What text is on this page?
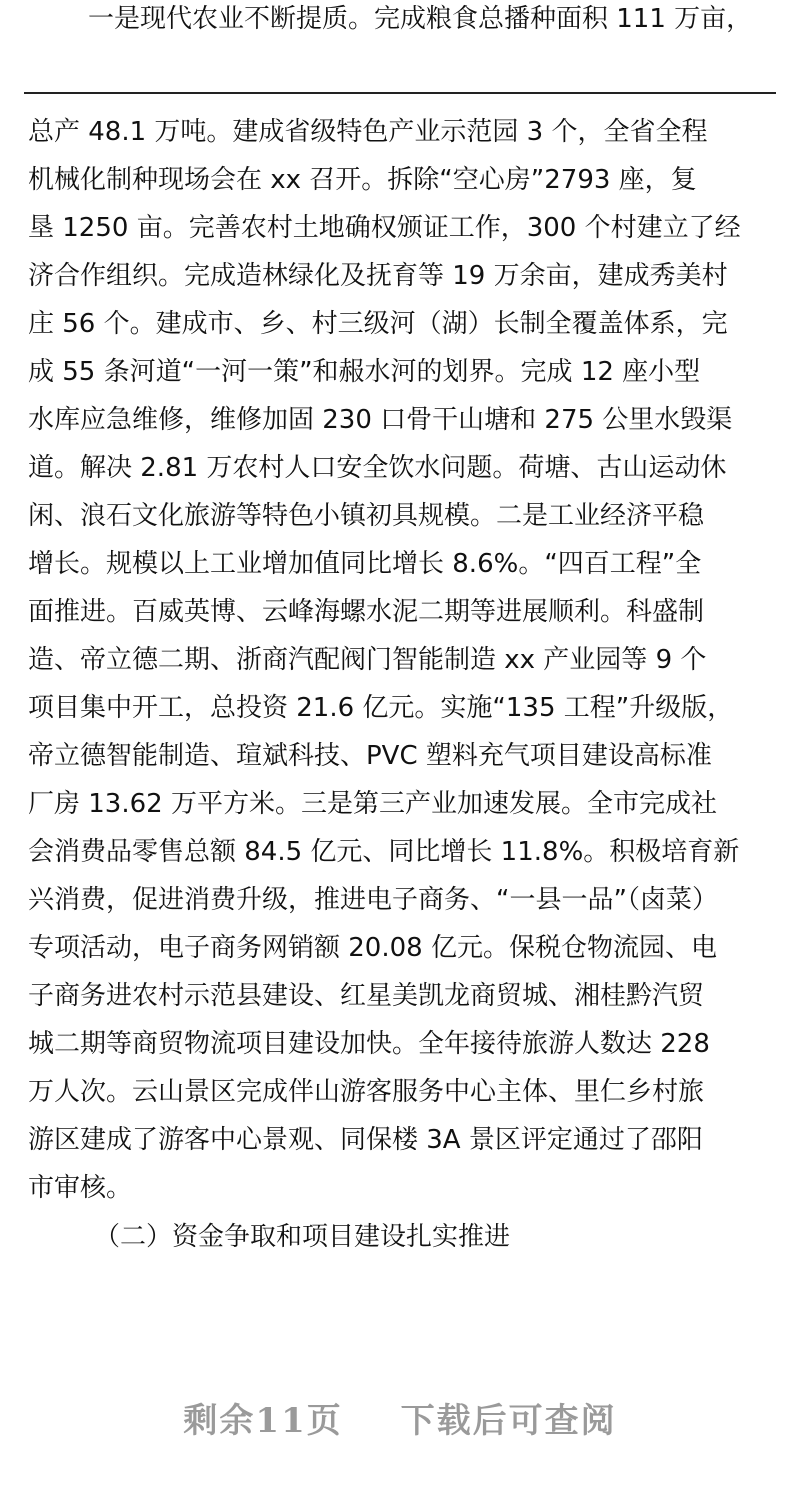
一是现代农业不断提质。完成粮食总播种面积 111 万亩，
总产 48.1 万吨。建成省级特色产业示范园 3 个，全省全程
机械化制种现场会在 xx 召开。拆除“空心房”2793 座，复
垦 1250 亩。完善农村土地确权颁证工作，300 个村建立了经
济合作组织。完成造林绿化及抚育等 19 万余亩，建成秀美村
庄 56 个。建成市、乡、村三级河（湖）长制全覆盖体系，完
成 55 条河道“一河一策”和赧水河的划界。完成 12 座小型
水库应急维修，维修加固 230 口骨干山塘和 275 公里水毁渠
道。解决 2.81 万农村人口安全饮水问题。荷塘、古山运动休
闲、浪石文化旅游等特色小镇初具规模。二是工业经济平稳
增长。规模以上工业增加值同比增长 8.6%。“四百工程”全
面推进。百威英博、云峰海螺水泥二期等进展顺利。科盛制
造、帝立德二期、浙商汽配阀门智能制造 xx 产业园等 9 个
项目集中开工，总投资 21.6 亿元。实施“135 工程”升级版，
帝立德智能制造、瑄斌科技、PVC 塑料充气项目建设高标准
厂房 13.62 万平方米。三是第三产业加速发展。全市完成社
会消费品零售总额 84.5 亿元、同比增长 11.8%。积极培育新
兴消费，促进消费升级，推进电子商务、“一县一品”（卤菜）
专项活动，电子商务网销额 20.08 亿元。保税仓物流园、电
子商务进农村示范县建设、红星美凯龙商贸城、湘桂黔汽贸
城二期等商贸物流项目建设加快。全年接待旅游人数达 228
万人次。云山景区完成伴山游客服务中心主体、里仁乡村旅
游区建成了游客中心景观、同保楼 3A 景区评定通过了邵阳
市审核。
（二）资金争取和项目建设扎实推进
剩余11页 下载后可查阅
